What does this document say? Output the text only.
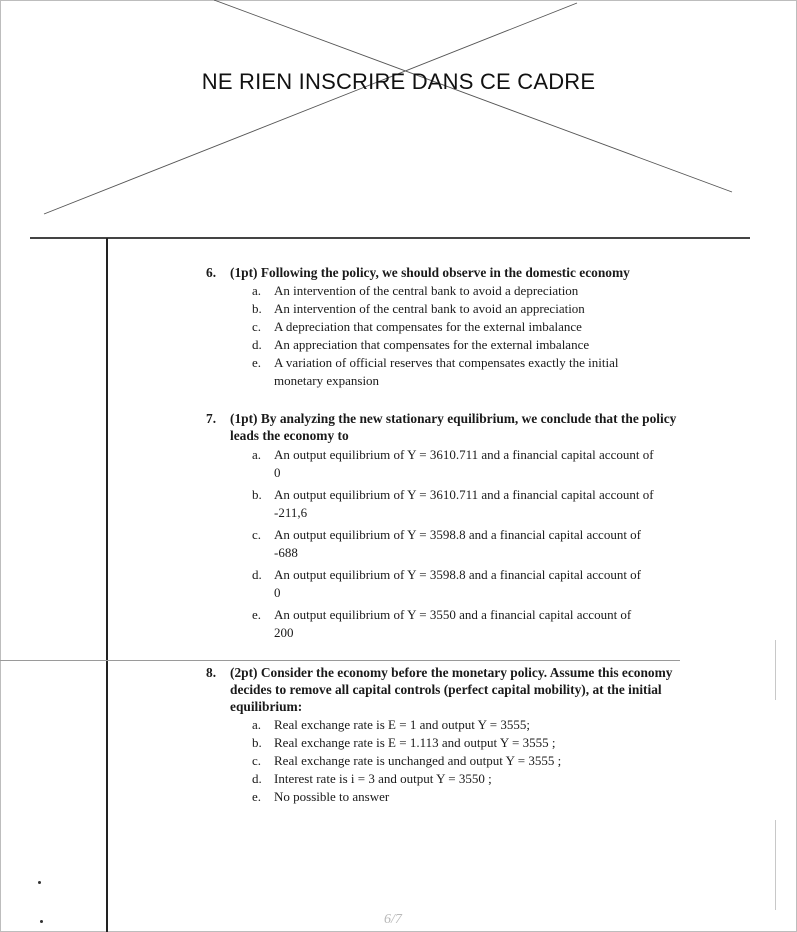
NE RIEN INSCRIRE DANS CE CADRE
6.	(1pt) Following the policy, we should observe in the domestic economy
a. An intervention of the central bank to avoid a depreciation
b. An intervention of the central bank to avoid an appreciation
c. A depreciation that compensates for the external imbalance
d. An appreciation that compensates for the external imbalance
e. A variation of official reserves that compensates exactly the initial
monetary expansion
7.	(1pt) By analyzing the new stationary equilibrium, we conclude that the policy leads the economy to
a. An output equilibrium of Y = 3610.711 and a financial capital account of
0
b. An output equilibrium of Y = 3610.711 and a financial capital account of
-211,6
c. An output equilibrium of Y = 3598.8 and a financial capital account of
-688
d. An output equilibrium of Y = 3598.8 and a financial capital account of
0
e. An output equilibrium of Y = 3550 and a financial capital account of
200
8.	(2pt) Consider the economy before the monetary policy. Assume this economy decides to remove all capital controls (perfect capital mobility), at the initial equilibrium:
a. Real exchange rate is E = 1 and output Y = 3555;
b. Real exchange rate is E = 1.113 and output Y = 3555 ;
c. Real exchange rate is unchanged and output Y = 3555 ;
d. Interest rate is i = 3 and output Y = 3550 ;
e. No possible to answer
6/7
